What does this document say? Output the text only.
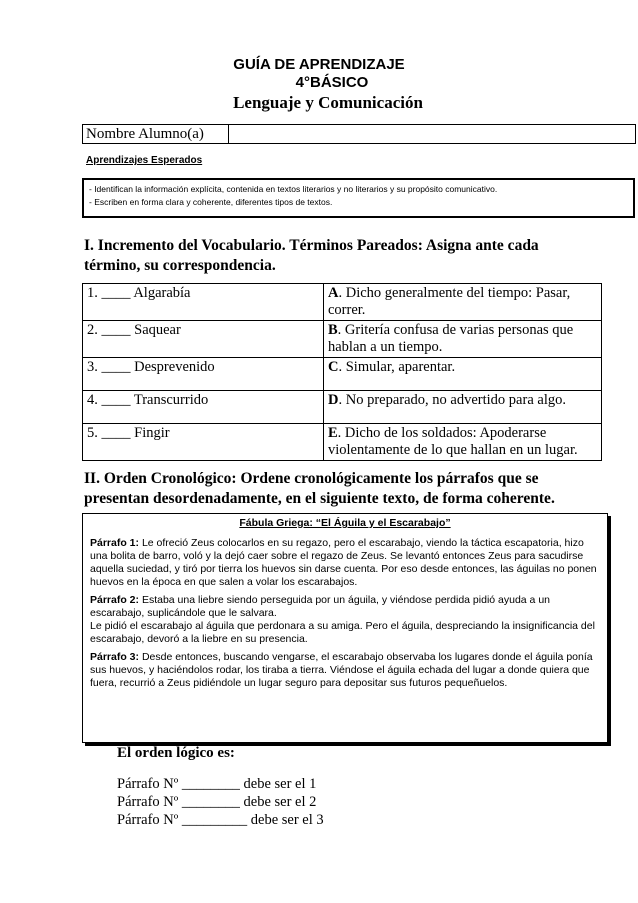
GUÍA DE APRENDIZAJE
4°BÁSICO
Lenguaje y Comunicación
Nombre Alumno(a)
Aprendizajes Esperados
- Identifican la información explícita, contenida en textos literarios y no literarios y su propósito comunicativo.
- Escriben en forma clara y coherente, diferentes tipos de textos.
I. Incremento del Vocabulario. Términos Pareados: Asigna ante cada
término, su correspondencia.
1. ____ Algarabía	A. Dicho generalmente del tiempo: Pasar, correr.
2. ____ Saquear	B. Gritería confusa de varias personas que hablan a un tiempo.
3. ____ Desprevenido	C. Simular, aparentar.
4. ____ Transcurrido	D. No preparado, no advertido para algo.
5. ____ Fingir	E. Dicho de los soldados: Apoderarse violentamente de lo que hallan en un lugar.
II. Orden Cronológico: Ordene cronológicamente los párrafos que se
presentan desordenadamente, en el siguiente texto, de forma coherente.
Fábula Griega: “El Águila y el Escarabajo”
Párrafo 1: Le ofreció Zeus colocarlos en su regazo, pero el escarabajo, viendo la táctica escapatoria, hizo una bolita de barro, voló y la dejó caer sobre el regazo de Zeus. Se levantó entonces Zeus para sacudirse aquella suciedad, y tiró por tierra los huevos sin darse cuenta. Por eso desde entonces, las águilas no ponen huevos en la época en que salen a volar los escarabajos.
Párrafo 2: Estaba una liebre siendo perseguida por un águila, y viéndose perdida pidió ayuda a un escarabajo, suplicándole que le salvara.
Le pidió el escarabajo al águila que perdonara a su amiga. Pero el águila, despreciando la insignificancia del escarabajo, devoró a la liebre en su presencia.
Párrafo 3: Desde entonces, buscando vengarse, el escarabajo observaba los lugares donde el águila ponía sus huevos, y haciéndolos rodar, los tiraba a tierra. Viéndose el águila echada del lugar a donde quiera que fuera, recurrió a Zeus pidiéndole un lugar seguro para depositar sus futuros pequeñuelos.
El orden lógico es:
Párrafo Nº ________ debe ser el 1
Párrafo Nº ________ debe ser el 2
Párrafo Nº _________ debe ser el 3
